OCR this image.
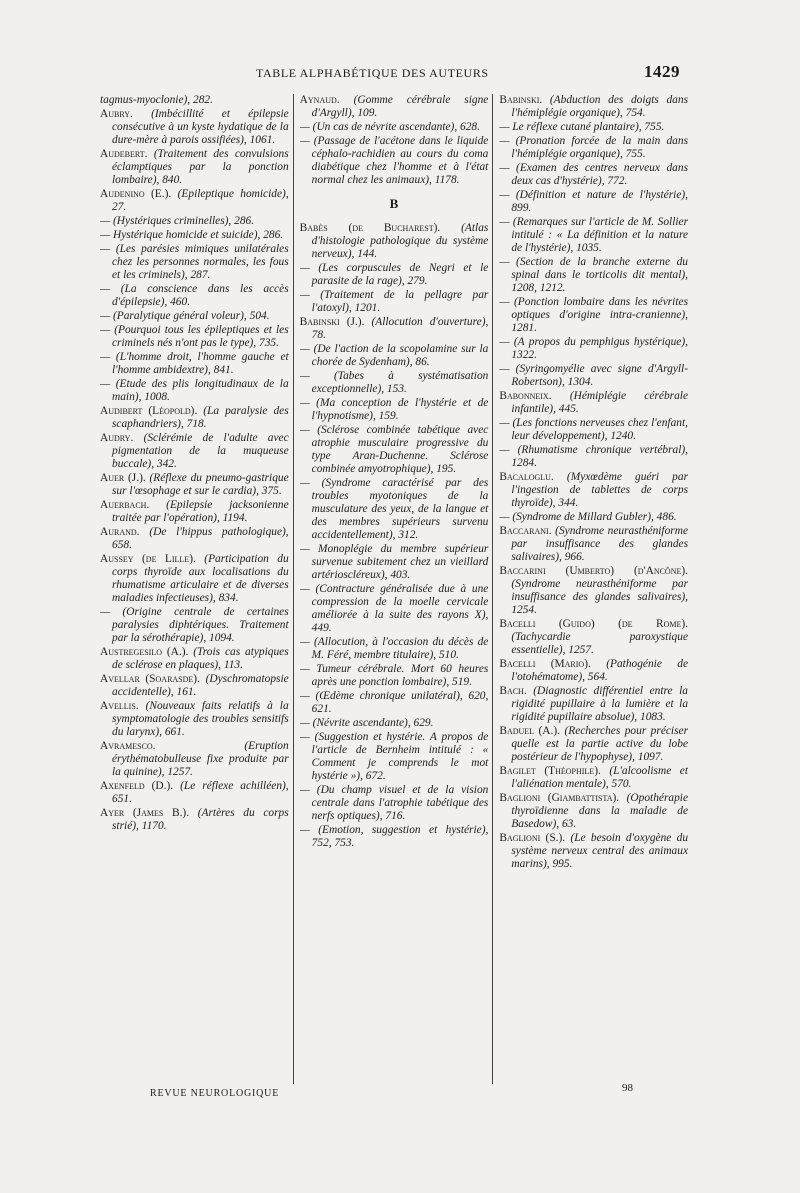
TABLE ALPHABÉTIQUE DES AUTEURS	1429
tagmus-myoclonie), 282.
Aubry. (Imbécillité et épilepsie consécutive à un kyste hydatique de la dure-mère à parois ossifiées), 1061.
Audebert. (Traitement des convulsions éclamptiques par la ponction lombaire), 840.
Audenino (E.). (Epileptique homicide), 27.
— (Hystériques criminelles), 286.
— Hystérique homicide et suicide), 286.
— (Les parésies mimiques unilatérales chez les personnes normales, les fous et les criminels), 287.
— (La conscience dans les accès d'épilepsie), 460.
— (Paralytique général voleur), 504.
— (Pourquoi tous les épileptiques et les criminels nés n'ont pas le type), 735.
— (L'homme droit, l'homme gauche et l'homme ambidextre), 841.
— (Etude des plis longitudinaux de la main), 1008.
Audibert (Léopold). (La paralysie des scaphandriers), 718.
Audry. (Sclérémie de l'adulte avec pigmentation de la muqueuse buccale), 342.
Auer (J.). (Réflexe du pneumo-gastrique sur l'œsophage et sur le cardia), 375.
Auerbach. (Epilepsie jacksonienne traitée par l'opération), 1194.
Aurand. (De l'hippus pathologique), 658.
Aussey (de Lille). (Participation du corps thyroïde aux localisations du rhumatisme articulaire et de diverses maladies infectieuses), 834.
— (Origine centrale de certaines paralysies diphtériques. Traitement par la sérothérapie), 1094.
Austregesilo (A.). (Trois cas atypiques de sclérose en plaques), 113.
Avellar (Soarasde). (Dyschromatopsie accidentelle), 161.
Avellis. (Nouveaux faits relatifs à la symptomatologie des troubles sensitifs du larynx), 661.
Avramesco.	(Eruption érythématobulleuse fixe produite par la quinine), 1257.
Axenfeld (D.). (Le réflexe achilléen), 651.
Ayer (James B.). (Artères du corps strié), 1170.
Aynaud. (Gomme cérébrale signe d'Argyll), 109.
— (Un cas de névrite ascendante), 628.
— (Passage de l'acétone dans le liquide céphalo-rachidien au cours du coma diabétique chez l'homme et à l'état normal chez les animaux), 1178.
B
Babès (de Bucharest). (Atlas d'histologie pathologique du système nerveux), 144.
— (Les corpuscules de Negri et le parasite de la rage), 279.
— (Traitement de la pellagre par l'atoxyl), 1201.
Babinski (J.). (Allocution d'ouverture), 78.
— (De l'action de la scopolamine sur la chorée de Sydenham), 86.
— (Tabes à systématisation exceptionnelle), 153.
— (Ma conception de l'hystérie et de l'hypnotisme), 159.
— (Sclérose combinée tabétique avec atrophie musculaire progressive du type Aran-Duchenne. Sclérose combinée amyotrophique), 195.
— (Syndrome caractérisé par des troubles myotoniques de la musculature des yeux, de la langue et des membres supérieurs survenu accidentellement), 312.
— Monoplégie du membre supérieur survenue subitement chez un vieillard artérioscléreux), 403.
— (Contracture généralisée due à une compression de la moelle cervicale améliorée à la suite des rayons X), 449.
— (Allocution, à l'occasion du décès de M. Féré, membre titulaire), 510.
— Tumeur cérébrale. Mort 60 heures après une ponction lombaire), 519.
— (Œdème chronique unilatéral), 620, 621.
— (Névrite ascendante), 629.
— (Suggestion et hystérie. A propos de l'article de Bernheim intitulé : « Comment je comprends le mot hystérie »), 672.
— (Du champ visuel et de la vision centrale dans l'atrophie tabétique des nerfs optiques), 716.
— (Emotion, suggestion et hystérie), 752, 753.
Babinski. (Abduction des doigts dans l'hémiplégie organique), 754.
— Le réflexe cutané plantaire), 755.
— (Pronation forcée de la main dans l'hémiplégie organique), 755.
— (Examen des centres nerveux dans deux cas d'hystérie), 772.
— (Définition et nature de l'hystérie), 899.
— (Remarques sur l'article de M. Sollier intitulé : « La définition et la nature de l'hystérie), 1035.
— (Section de la branche externe du spinal dans le torticolis dit mental), 1208, 1212.
— (Ponction lombaire dans les névrites optiques d'origine intra-cranienne), 1281.
— (A propos du pemphigus hystérique), 1322.
— (Syringomyélie avec signe d'Argyll-Robertson), 1304.
Babonneix. (Hémiplégie cérébrale infantile), 445.
— (Les fonctions nerveuses chez l'enfant, leur développement), 1240.
— (Rhumatisme chronique vertébral), 1284.
Bacaloglu. (Myxœdème guéri par l'ingestion de tablettes de corps thyroïde), 344.
— (Syndrome de Millard Gubler), 486.
Baccarani. (Syndrome neurasthéniforme par insuffisance des glandes salivaires), 966.
Baccarini (Umberto) (d'Ancône). (Syndrome neurasthéniforme par insuffisance des glandes salivaires), 1254.
Bacelli (Guido) (de Rome). (Tachycardie paroxystique essentielle), 1257.
Bacelli (Mario). (Pathogénie de l'otohématome), 564.
Bach. (Diagnostic différentiel entre la rigidité pupillaire à la lumière et la rigidité pupillaire absolue), 1083.
Baduel (A.). (Recherches pour préciser quelle est la partie active du lobe postérieur de l'hypophyse), 1097.
Bagilet (Théophile). (L'alcoolisme et l'aliénation mentale), 570.
Baglioni (Giambattista). (Opothérapie thyroïdienne dans la maladie de Basedow), 63.
Baglioni (S.). (Le besoin d'oxygène du système nerveux central des animaux marins), 995.
REVUE NEUROLOGIQUE	98
